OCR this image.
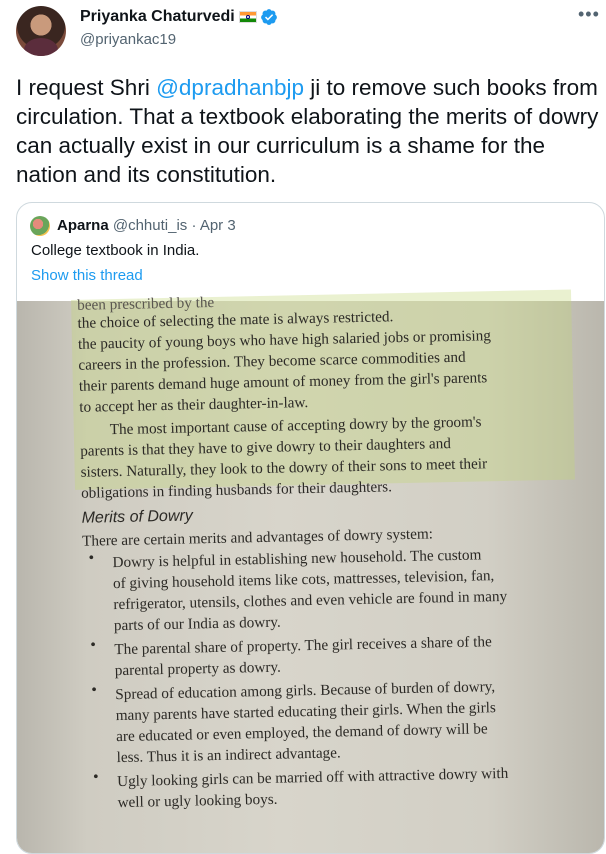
Priyanka Chaturvedi
@priyankac19
•••

I request Shri @dpradhanbjp ji to remove such books from circulation. That a textbook elaborating the merits of dowry can actually exist in our curriculum is a shame for the nation and its constitution.

Aparna @chhuti_is · Apr 3
College textbook in India.
Show this thread
been prescribed by the
the choice of selecting the mate is always restricted.
the paucity of young boys who have high salaried jobs or promising
careers in the profession. They become scarce commodities and
their parents demand huge amount of money from the girl's parents
to accept her as their daughter-in-law.
The most important cause of accepting dowry by the groom's
parents is that they have to give dowry to their daughters and
sisters. Naturally, they look to the dowry of their sons to meet their
obligations in finding husbands for their daughters.
Merits of Dowry
There are certain merits and advantages of dowry system:
• Dowry is helpful in establishing new household. The custom
of giving household items like cots, mattresses, television, fan,
refrigerator, utensils, clothes and even vehicle are found in many
parts of our India as dowry.
• The parental share of property. The girl receives a share of the
parental property as dowry.
• Spread of education among girls. Because of burden of dowry,
many parents have started educating their girls. When the girls
are educated or even employed, the demand of dowry will be
less. Thus it is an indirect advantage.
• Ugly looking girls can be married off with attractive dowry with
well or ugly looking boys.
